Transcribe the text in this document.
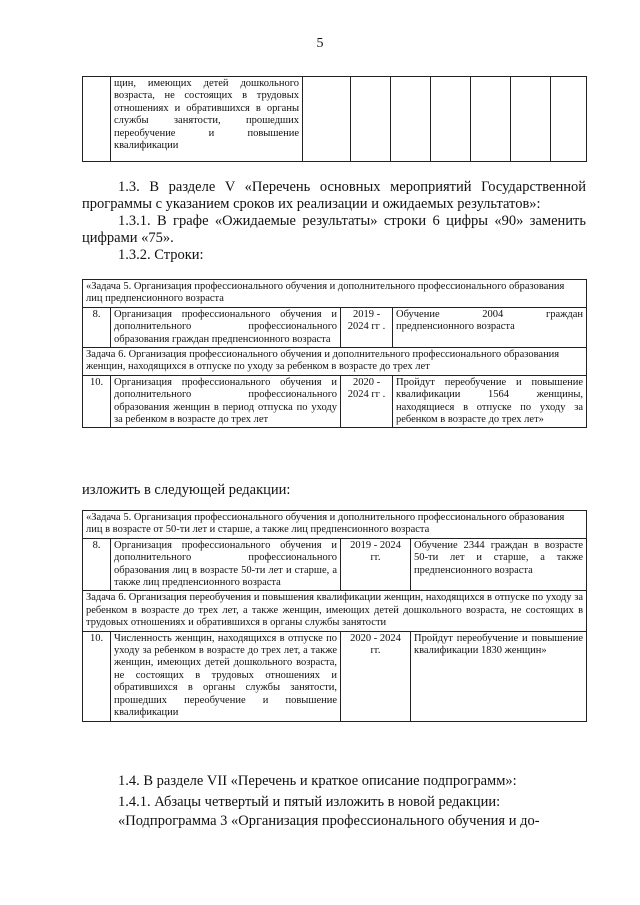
5
	щин, имеющих детей дошкольного возраста, не состоящих в трудовых отношениях и обратившихся в органы службы занятости, прошедших переобучение и повышение квалификации							
1.3. В разделе V «Перечень основных мероприятий Государственной программы с указанием сроков их реализации и ожидаемых результатов»:
1.3.1. В графе «Ожидаемые результаты» строки 6 цифры «90» заменить цифрами «75».
1.3.2. Строки:
«Задача 5. Организация профессионального обучения и дополнительного профессионального образования лиц предпенсионного возраста			
8.	Организация профессионального обучения и дополнительного профессионального образования граждан предпенсионного возраста	2019 - 2024 гг .	Обучение 2004 граждан предпенсионного возраста
Задача 6. Организация профессионального обучения и дополнительного профессионального образования женщин, находящихся в отпуске по уходу за ребенком в возрасте до трех лет			
10.	Организация профессионального обучения и дополнительного профессионального образования женщин в период отпуска по уходу за ребенком в возрасте до трех лет	2020 - 2024 гг .	Пройдут переобучение и повышение квалификации 1564 женщины, находящиеся в отпуске по уходу за ребенком в возрасте до трех лет»
изложить в следующей редакции:
«Задача 5. Организация профессионального обучения и дополнительного профессионального образования лиц в возрасте от 50-ти лет и старше, а также лиц предпенсионного возраста			
8.	Организация профессионального обучения и дополнительного профессионального образования лиц в возрасте 50-ти лет и старше, а также лиц предпенсионного возраста	2019 - 2024 гг.	Обучение 2344 граждан в возрасте 50-ти лет и старше, а также предпенсионного возраста
Задача 6. Организация переобучения и повышения квалификации женщин, находящихся в отпуске по уходу за ребенком в возрасте до трех лет, а также женщин, имеющих детей дошкольного возраста, не состоящих в трудовых отношениях и обратившихся в органы службы занятости			
10.	Численность женщин, находящихся в отпуске по уходу за ребенком в возрасте до трех лет, а также женщин, имеющих детей дошкольного возраста, не состоящих в трудовых отношениях и обратившихся в органы службы занятости, прошедших переобучение и повышение квалификации	2020 - 2024 гг.	Пройдут переобучение и повышение квалификации 1830 женщин»
1.4. В разделе VII «Перечень и краткое описание подпрограмм»:
1.4.1. Абзацы четвертый и пятый изложить в новой редакции:
«Подпрограмма 3 «Организация профессионального обучения и до-
